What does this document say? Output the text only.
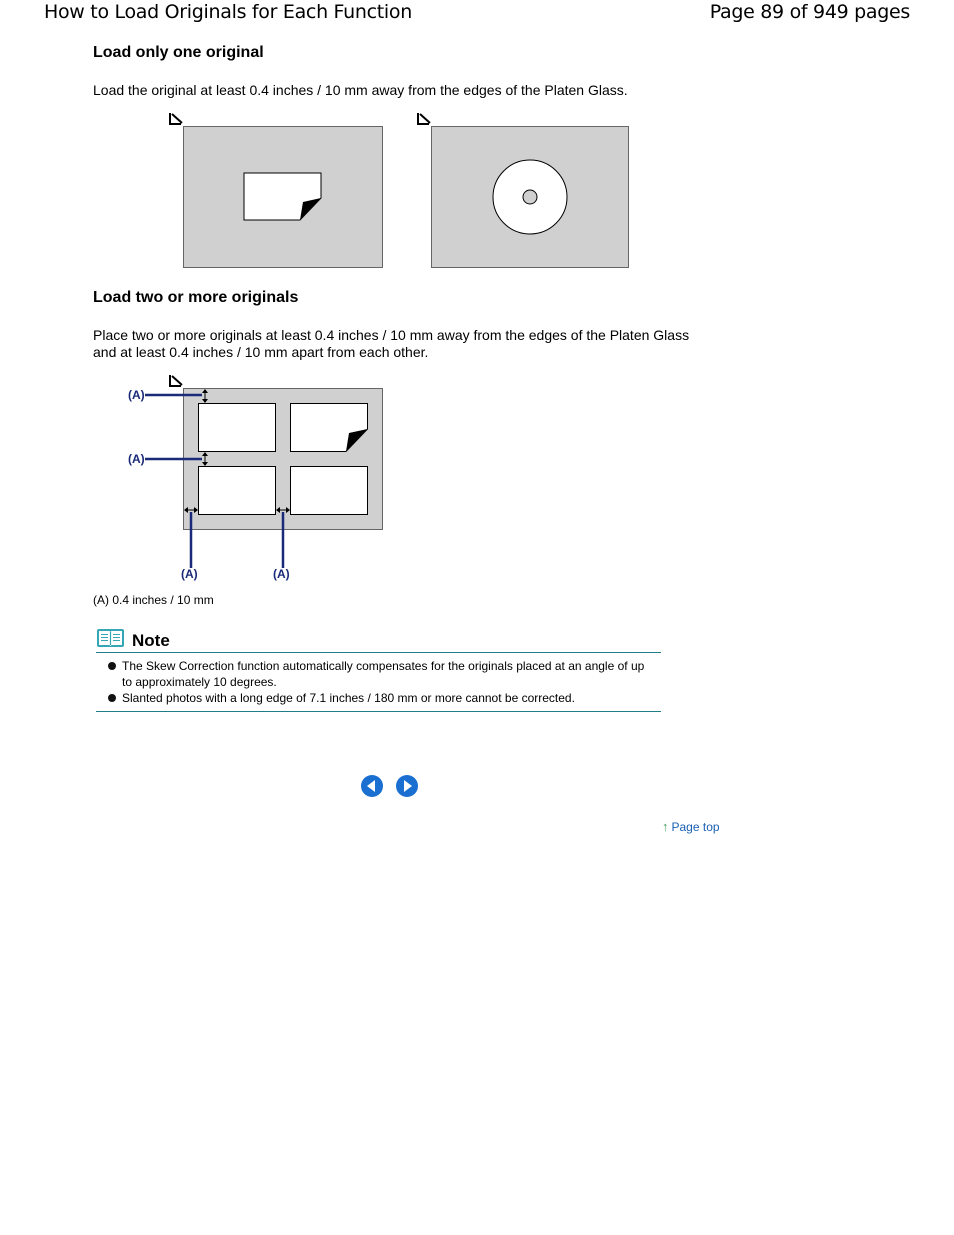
How to Load Originals for Each Function	Page 89 of 949 pages
Load only one original

Load the original at least 0.4 inches / 10 mm away from the edges of the Platen Glass.

Load two or more originals

Place two or more originals at least 0.4 inches / 10 mm away from the edges of the Platen Glass and at least 0.4 inches / 10 mm apart from each other.

(A)
(A)
(A)	(A)
(A) 0.4 inches / 10 mm
Note
The Skew Correction function automatically compensates for the originals placed at an angle of up to approximately 10 degrees.
Slanted photos with a long edge of 7.1 inches / 180 mm or more cannot be corrected.
↑ Page top
